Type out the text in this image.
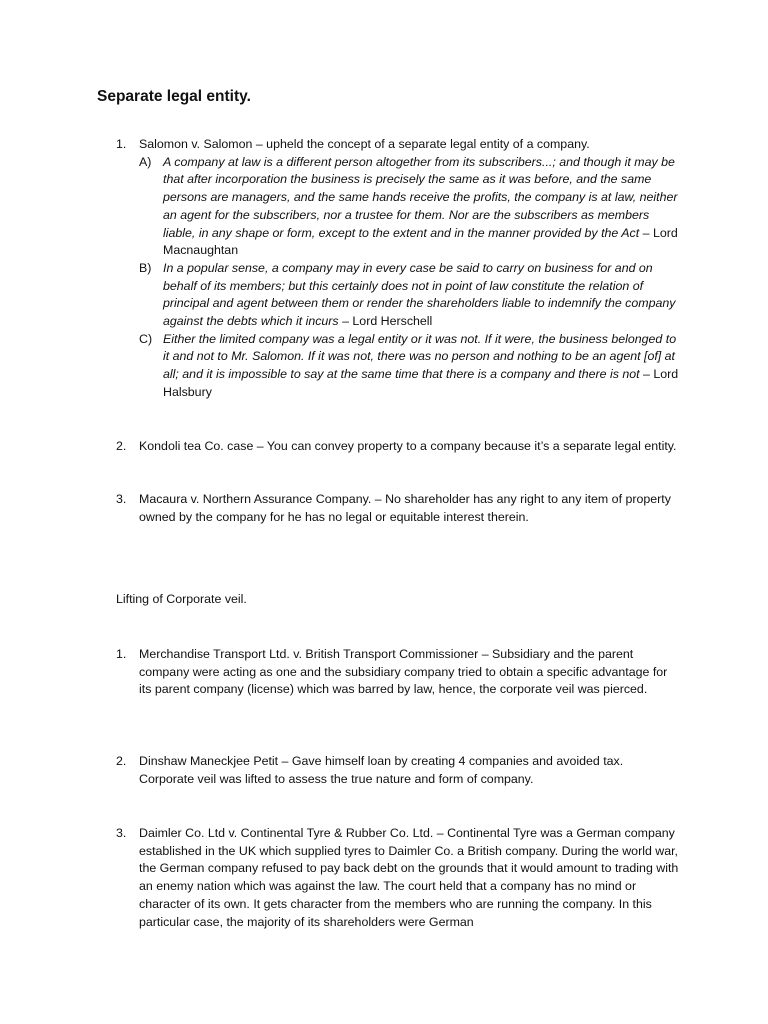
Separate legal entity.
1. Salomon v. Salomon – upheld the concept of a separate legal entity of a company.
A) A company at law is a different person altogether from its subscribers...; and though it may be that after incorporation the business is precisely the same as it was before, and the same persons are managers, and the same hands receive the profits, the company is at law, neither an agent for the subscribers, nor a trustee for them. Nor are the subscribers as members liable, in any shape or form, except to the extent and in the manner provided by the Act – Lord Macnaughtan
B) In a popular sense, a company may in every case be said to carry on business for and on behalf of its members; but this certainly does not in point of law constitute the relation of principal and agent between them or render the shareholders liable to indemnify the company against the debts which it incurs – Lord Herschell
C) Either the limited company was a legal entity or it was not. If it were, the business belonged to it and not to Mr. Salomon. If it was not, there was no person and nothing to be an agent [of] at all; and it is impossible to say at the same time that there is a company and there is not – Lord Halsbury
2. Kondoli tea Co. case – You can convey property to a company because it’s a separate legal entity.
3. Macaura v. Northern Assurance Company. – No shareholder has any right to any item of property owned by the company for he has no legal or equitable interest therein.

Lifting of Corporate veil.

1. Merchandise Transport Ltd. v. British Transport Commissioner – Subsidiary and the parent company were acting as one and the subsidiary company tried to obtain a specific advantage for its parent company (license) which was barred by law, hence, the corporate veil was pierced.
2. Dinshaw Maneckjee Petit – Gave himself loan by creating 4 companies and avoided tax. Corporate veil was lifted to assess the true nature and form of company.
3. Daimler Co. Ltd v. Continental Tyre & Rubber Co. Ltd. – Continental Tyre was a German company established in the UK which supplied tyres to Daimler Co. a British company. During the world war, the German company refused to pay back debt on the grounds that it would amount to trading with an enemy nation which was against the law. The court held that a company has no mind or character of its own. It gets character from the members who are running the company. In this particular case, the majority of its shareholders were German
